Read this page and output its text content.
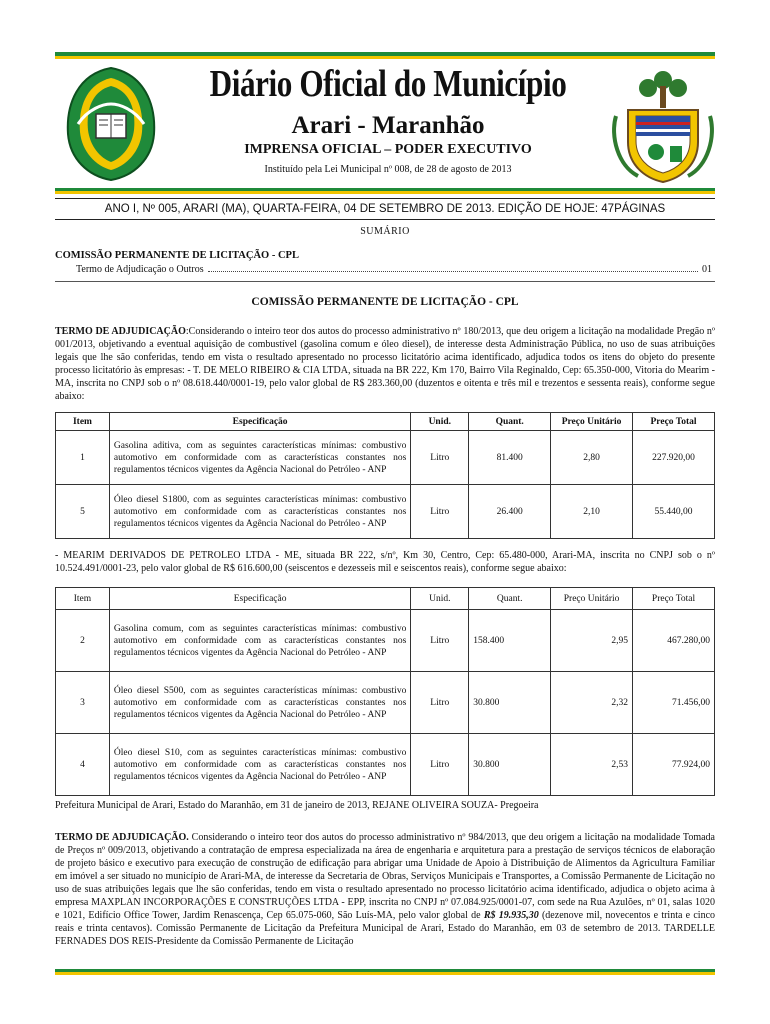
Diário Oficial do Município
Arari - Maranhão
IMPRENSA OFICIAL – PODER EXECUTIVO
Instituído pela Lei Municipal nº 008, de 28 de agosto de 2013
ANO I, Nº 005, ARARI (MA), QUARTA-FEIRA, 04 DE SETEMBRO DE 2013. EDIÇÃO DE HOJE: 47PÁGINAS
SUMÁRIO
COMISSÃO PERMANENTE DE LICITAÇÃO - CPL
Termo de Adjudicação o Outros	01
COMISSÃO PERMANENTE DE LICITAÇÃO - CPL
TERMO DE ADJUDICAÇÃO:Considerando o inteiro teor dos autos do processo administrativo nº 180/2013, que deu origem a licitação na modalidade Pregão nº 001/2013, objetivando a eventual aquisição de combustível (gasolina comum e óleo diesel), de interesse desta Administração Pública, no uso de suas atribuições legais que lhe são conferidas, tendo em vista o resultado apresentado no processo licitatório acima identificado, adjudica todos os itens do objeto do presente processo licitatório às empresas: - T. DE MELO RIBEIRO & CIA LTDA, situada na BR 222, Km 170, Bairro Vila Reginaldo, Cep: 65.350-000, Vitoria do Mearim - MA, inscrita no CNPJ sob o nº 08.618.440/0001-19, pelo valor global de R$ 283.360,00 (duzentos e oitenta e três mil e trezentos e sessenta reais), conforme segue abaixo:
Item	Especificação	Unid.	Quant.	Preço Unitário	Preço Total
1	Gasolina aditiva, com as seguintes características mínimas: combustivo automotivo em conformidade com as características constantes nos regulamentos técnicos vigentes da Agência Nacional do Petróleo - ANP	Litro	81.400	2,80	227.920,00
5	Óleo diesel S1800, com as seguintes características mínimas: combustivo automotivo em conformidade com as características constantes nos regulamentos técnicos vigentes da Agência Nacional do Petróleo - ANP	Litro	26.400	2,10	55.440,00
- MEARIM DERIVADOS DE PETROLEO LTDA - ME, situada BR 222, s/nº, Km 30, Centro, Cep: 65.480-000, Arari-MA, inscrita no CNPJ sob o nº 10.524.491/0001-23, pelo valor global de R$ 616.600,00 (seiscentos e dezesseis mil e seiscentos reais), conforme segue abaixo:
Item	Especificação	Unid.	Quant.	Preço Unitário	Preço Total
2	Gasolina comum, com as seguintes características mínimas: combustivo automotivo em conformidade com as características constantes nos regulamentos técnicos vigentes da Agência Nacional do Petróleo - ANP	Litro	158.400	2,95	467.280,00
3	Óleo diesel S500, com as seguintes características mínimas: combustivo automotivo em conformidade com as características constantes nos regulamentos técnicos vigentes da Agência Nacional do Petróleo - ANP	Litro	30.800	2,32	71.456,00
4	Óleo diesel S10, com as seguintes características mínimas: combustivo automotivo em conformidade com as características constantes nos regulamentos técnicos vigentes da Agência Nacional do Petróleo - ANP	Litro	30.800	2,53	77.924,00
Prefeitura Municipal de Arari, Estado do Maranhão, em 31 de janeiro de 2013, REJANE OLIVEIRA SOUZA- Pregoeira
TERMO DE ADJUDICAÇÃO. Considerando o inteiro teor dos autos do processo administrativo nº 984/2013, que deu origem a licitação na modalidade Tomada de Preços nº 009/2013, objetivando a contratação de empresa especializada na área de engenharia e arquitetura para a prestação de serviços técnicos de elaboração de projeto básico e executivo para execução de construção de edificação para abrigar uma Unidade de Apoio à Distribuição de Alimentos da Agricultura Familiar em imóvel a ser situado no município de Arari-MA, de interesse da Secretaria de Obras, Serviços Municipais e Transportes, a Comissão Permanente de Licitação no uso de suas atribuições legais que lhe são conferidas, tendo em vista o resultado apresentado no processo licitatório acima identificado, adjudica o objeto acima à empresa MAXPLAN INCORPORAÇÕES E CONSTRUÇÕES LTDA - EPP, inscrita no CNPJ nº 07.084.925/0001-07, com sede na Rua Azulões, nº 01, salas 1020 e 1021, Edifício Office Tower, Jardim Renascença, Cep 65.075-060, São Luís-MA, pelo valor global de R$ 19.935,30 (dezenove mil, novecentos e trinta e cinco reais e trinta centavos). Comissão Permanente de Licitação da Prefeitura Municipal de Arari, Estado do Maranhão, em 03 de setembro de 2013. TARDELLE FERNADES DOS REIS-Presidente da Comissão Permanente de Licitação
